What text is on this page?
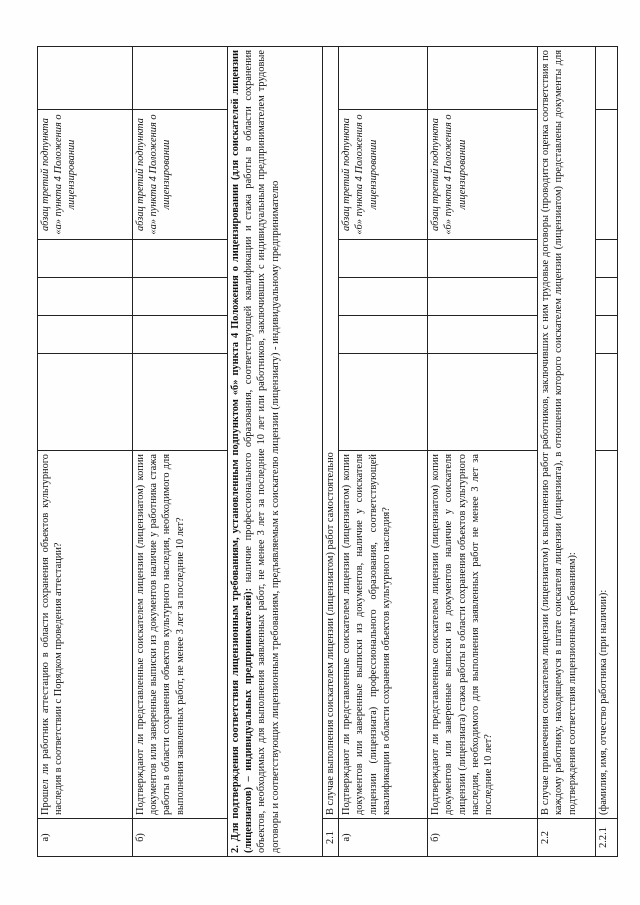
а)	Прошел ли работник аттестацию в области сохранения объектов культурного наследия в соответствии с Порядком проведения аттестации?					абзац третий подпункта «а» пункта 4 Положения о лицензировании	
б)	Подтверждают ли представленные соискателем лицензии (лицензиатом) копии документов или заверенные выписки из документов наличие у работника стажа работы в области сохранения объектов культурного наследия, необходимого для выполнения заявленных работ, не менее 3 лет за последние 10 лет?					абзац третий подпункта «а» пункта 4 Положения о лицензировании	
2. Для подтверждения соответствия лицензионным требованиям, установленным подпунктом «б» пункта 4 Положения о лицензировании (для соискателей лицензии (лицензиатов) – индивидуальных предпринимателей): наличие профессионального образования, соответствующей квалификации и стажа работы в области сохранения объектов, необходимых для выполнения заявленных работ, не менее 3 лет за последние 10 лет или работников, заключивших с индивидуальным предпринимателем трудовые договоры и соответствующих лицензионным требованиям, предъявляемым к соискателю лицензии (лицензиату) - индивидуальному предпринимателю							
2.1	В случае выполнения соискателем лицензии (лицензиатом) работ самостоятельно						
а)	Подтверждают ли представленные соискателем лицензии (лицензиатом) копии документов или заверенные выписки из документов, наличие у соискателя лицензии (лицензиата) профессионального образования, соответствующей квалификации в области сохранения объектов культурного наследия?					абзац третий подпункта «б» пункта 4 Положения о лицензировании	
б)	Подтверждают ли представленные соискателем лицензии (лицензиатом) копии документов или заверенные выписки из документов наличие у соискателя лицензии (лицензиата) стажа работы в области сохранения объектов культурного наследия, необходимого для выполнения заявленных работ не менее 3 лет за последние 10 лет?					абзац третий подпункта «б» пункта 4 Положения о лицензировании	
2.2	В случае привлечения соискателем лицензии (лицензиатом) к выполнению работ работников, заключивших с ним трудовые договоры (проводится оценка соответствия по каждому работнику, находящемуся в штате соискателя лицензии (лицензиата), в отношении которого соискателем лицензии (лицензиатом) представлены документы для подтверждения соответствия лицензионным требованиям):						
2.2.1	(фамилия, имя, отчество работника (при наличии):						
